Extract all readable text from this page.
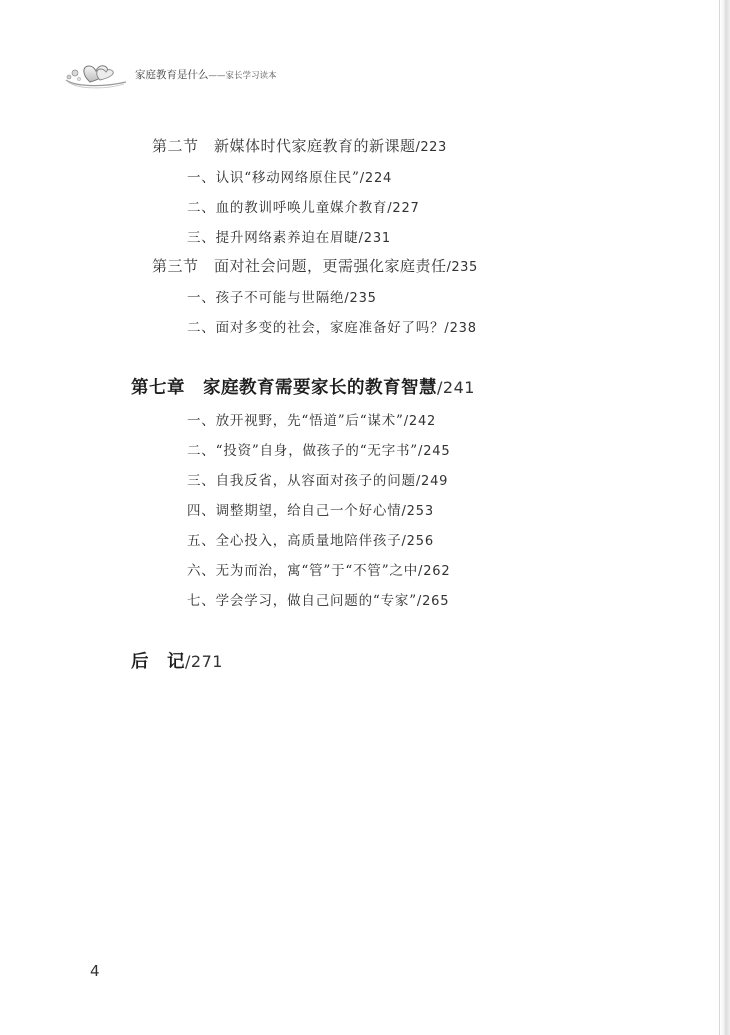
家庭教育是什么——家长学习读本
第二节　新媒体时代家庭教育的新课题/223
一、认识“移动网络原住民”/224
二、血的教训呼唤儿童媒介教育/227
三、提升网络素养迫在眉睫/231
第三节　面对社会问题，更需强化家庭责任/235
一、孩子不可能与世隔绝/235
二、面对多变的社会，家庭准备好了吗？/238
第七章　家庭教育需要家长的教育智慧/241
一、放开视野，先“悟道”后“谋术”/242
二、“投资”自身，做孩子的“无字书”/245
三、自我反省，从容面对孩子的问题/249
四、调整期望，给自己一个好心情/253
五、全心投入，高质量地陪伴孩子/256
六、无为而治，寓“管”于“不管”之中/262
七、学会学习，做自己问题的“专家”/265
后　记/271
4
